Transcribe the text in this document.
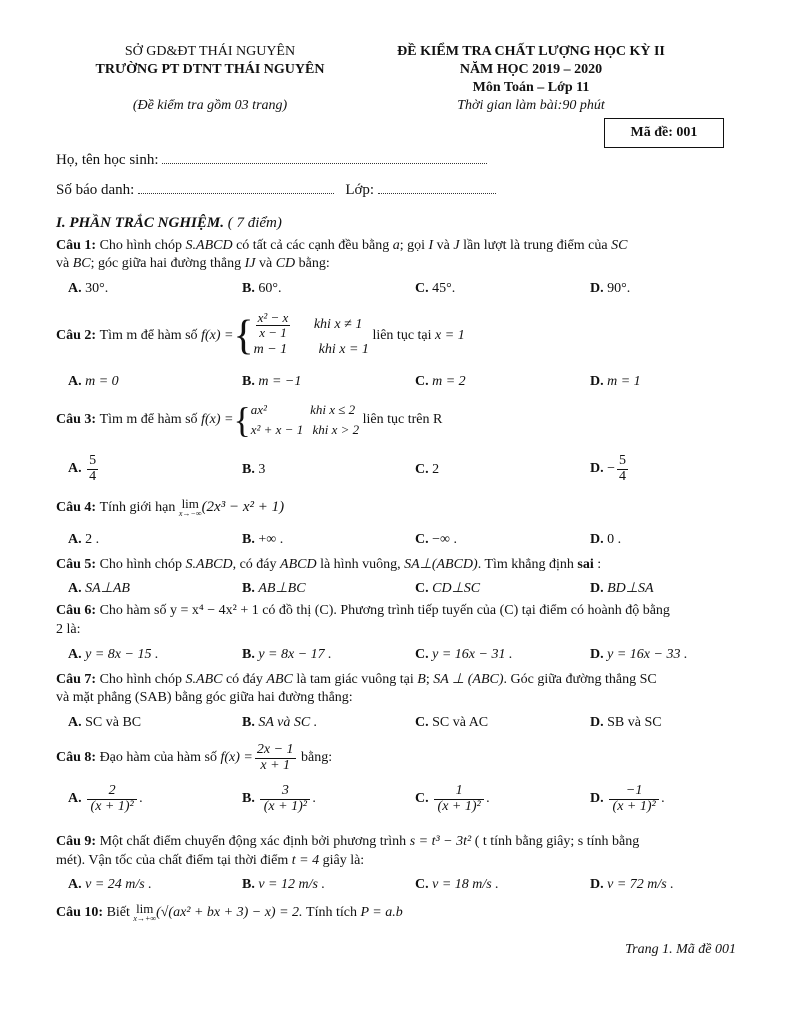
SỞ GD&ĐT THÁI NGUYÊN
TRƯỜNG PT DTNT THÁI NGUYÊN
(Đề kiểm tra gồm 03 trang)
ĐỀ KIỂM TRA CHẤT LƯỢNG HỌC KỲ II
NĂM HỌC 2019 – 2020
Môn Toán – Lớp 11
Thời gian làm bài:90 phút
Mã đề: 001
Họ, tên học sinh:
Số báo danh:	Lớp:
I. PHẦN TRẮC NGHIỆM. ( 7 điểm)
Câu 1: Cho hình chóp S.ABCD có tất cả các cạnh đều bằng a; gọi I và J lần lượt là trung điểm của SC
và BC; góc giữa hai đường thẳng IJ và CD bằng:
A. 30°.	B. 60°.	C. 45°.	D. 90°.
Câu 2:
Tìm m để hàm số
f(x) = { $\frac{\text{x² − x}}{x - 1}$ khi x ≠ 1
m − 1 khi x = 1

liên tục tại
x = 1
A. m = 0	B. m = −1	C. m = 2	D. m = 1
Câu 3:
Tìm m để hàm số
f(x) = { ax²	khi x ≤ 2
x² + x − 1 khi x > 2

liên tục trên R
A.
$\frac{5}{4}$	B. 3	C. 2	D.
− $\frac{5}{4}$
Câu 4:
Tính giới hạn
lim
x→−∞ (2x³ − x² + 1)
A. 2 .	B. +∞ .	C. −∞ .	D. 0 .
Câu 5: Cho hình chóp S.ABCD, có đáy ABCD là hình vuông, SA⊥(ABCD). Tìm khẳng định sai :
A. SA⊥AB	B. AB⊥BC	C. CD⊥SC	D. BD⊥SA
Câu 6: Cho hàm số y = x⁴ − 4x² + 1 có đồ thị (C). Phương trình tiếp tuyến của (C) tại điểm có hoành độ bằng
2 là:
A. y = 8x − 15 .	B. y = 8x − 17 .	C. y = 16x − 31 .	D. y = 16x − 33 .
Câu 7: Cho hình chóp S.ABC có đáy ABC là tam giác vuông tại B; SA ⊥ (ABC). Góc giữa đường thẳng SC
và mặt phẳng (SAB) bằng góc giữa hai đường thẳng:
A. SC và BC	B. SA và SC .	C. SC và AC	D. SB và SC
Câu 8:
Đạo hàm của hàm số
$f(x) = \frac{2x - 1}{x + 1}$
bằng:
A.
$\frac{2}{\text{(x + 1)²}}$ .	B.
$\frac{3}{\text{(x + 1)²}}$ .	C.
$\frac{1}{\text{(x + 1)²}}$ .	D.
$\frac{-1}{\text{(x + 1)²}}$ .
Câu 9: Một chất điểm chuyển động xác định bởi phương trình s = t³ − 3t² ( t tính bằng giây; s tính bằng
mét). Vận tốc của chất điểm tại thời điểm t = 4 giây là:
A. v = 24 m/s .	B. v = 12 m/s .	C. v = 18 m/s .	D. v = 72 m/s .
Câu 10:
Biết
lim
x→+∞ (√(ax² + bx + 3) − x) = 2.
Tính tích
P = a.b
Trang 1. Mã đề 001
